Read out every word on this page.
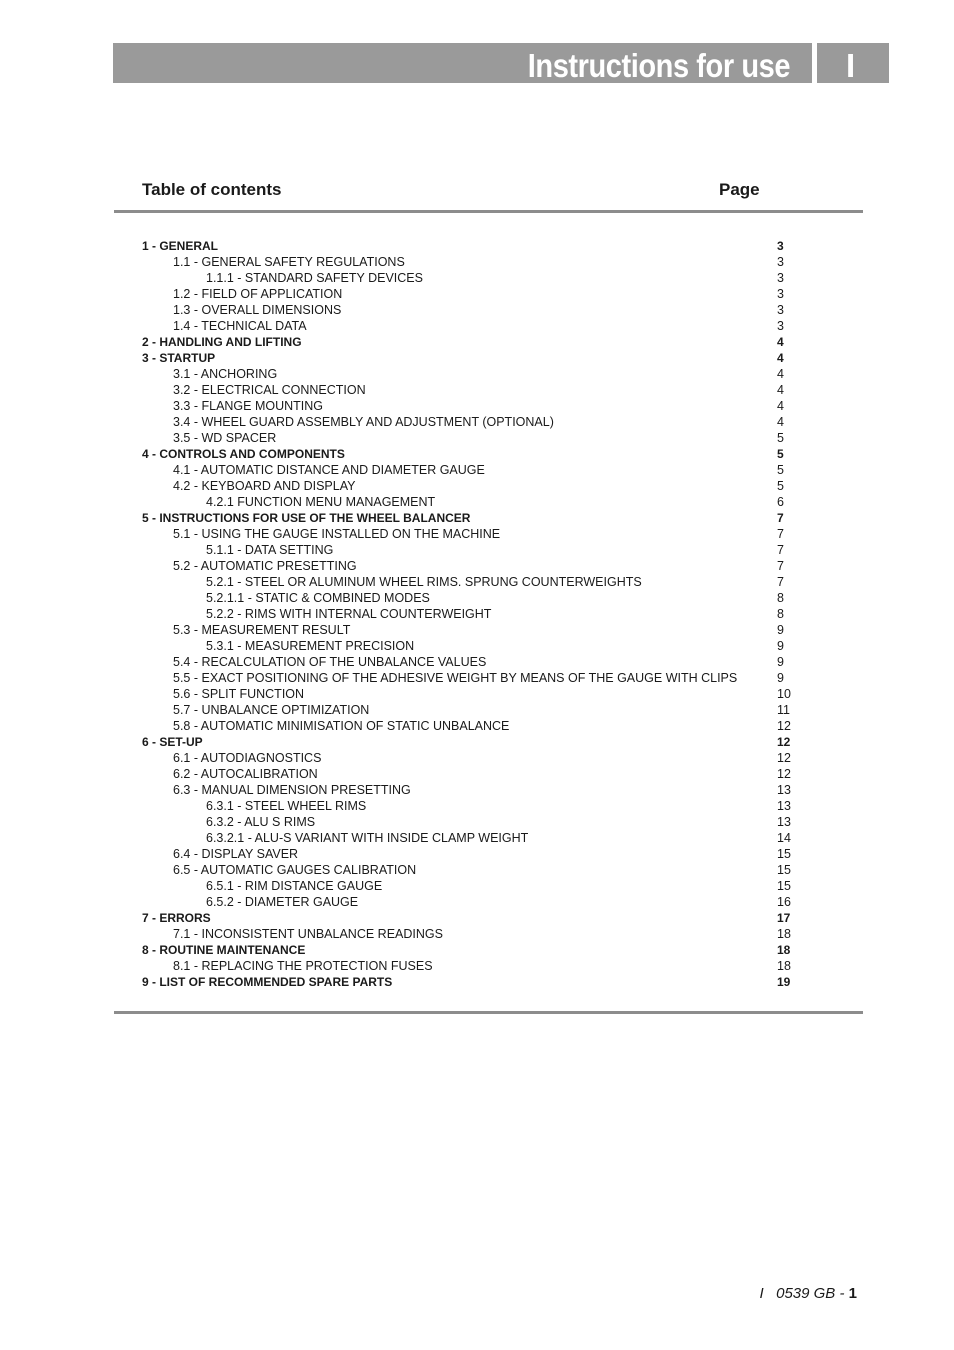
Instructions for use I
Table of contents	Page
1 - GENERAL	3
1.1 - GENERAL SAFETY REGULATIONS	3
1.1.1 - STANDARD SAFETY DEVICES	3
1.2 - FIELD OF APPLICATION	3
1.3 - OVERALL DIMENSIONS	3
1.4 - TECHNICAL DATA	3
2 - HANDLING AND LIFTING	4
3 - STARTUP	4
3.1 - ANCHORING	4
3.2 - ELECTRICAL CONNECTION	4
3.3 - FLANGE MOUNTING	4
3.4 - WHEEL GUARD ASSEMBLY AND ADJUSTMENT (OPTIONAL)	4
3.5 - WD SPACER	5
4 - CONTROLS AND COMPONENTS	5
4.1 - AUTOMATIC DISTANCE AND DIAMETER GAUGE	5
4.2 - KEYBOARD AND DISPLAY	5
4.2.1 FUNCTION MENU MANAGEMENT	6
5 - INSTRUCTIONS FOR USE OF THE WHEEL BALANCER	7
5.1 - USING THE GAUGE INSTALLED ON THE MACHINE	7
5.1.1 - DATA SETTING	7
5.2 - AUTOMATIC PRESETTING	7
5.2.1 - STEEL OR ALUMINUM WHEEL RIMS. SPRUNG COUNTERWEIGHTS	7
5.2.1.1 - STATIC & COMBINED MODES	8
5.2.2 - RIMS WITH INTERNAL COUNTERWEIGHT	8
5.3 - MEASUREMENT RESULT	9
5.3.1 - MEASUREMENT PRECISION	9
5.4 - RECALCULATION OF THE UNBALANCE VALUES	9
5.5 - EXACT POSITIONING OF THE ADHESIVE WEIGHT BY MEANS OF THE GAUGE WITH CLIPS	9
5.6 - SPLIT FUNCTION	10
5.7 - UNBALANCE OPTIMIZATION	11
5.8 - AUTOMATIC MINIMISATION OF STATIC UNBALANCE	12
6 - SET-UP	12
6.1 - AUTODIAGNOSTICS	12
6.2 - AUTOCALIBRATION	12
6.3 - MANUAL DIMENSION PRESETTING	13
6.3.1 - STEEL WHEEL RIMS	13
6.3.2 - ALU S RIMS	13
6.3.2.1 - ALU-S VARIANT WITH INSIDE CLAMP WEIGHT	14
6.4 - DISPLAY SAVER	15
6.5 - AUTOMATIC GAUGES CALIBRATION	15
6.5.1 - RIM DISTANCE GAUGE	15
6.5.2 - DIAMETER GAUGE	16
7 - ERRORS	17
7.1 - INCONSISTENT UNBALANCE READINGS	18
8 - ROUTINE MAINTENANCE	18
8.1 - REPLACING THE PROTECTION FUSES	18
9 - LIST OF RECOMMENDED SPARE PARTS	19
I   0539 GB - 1
